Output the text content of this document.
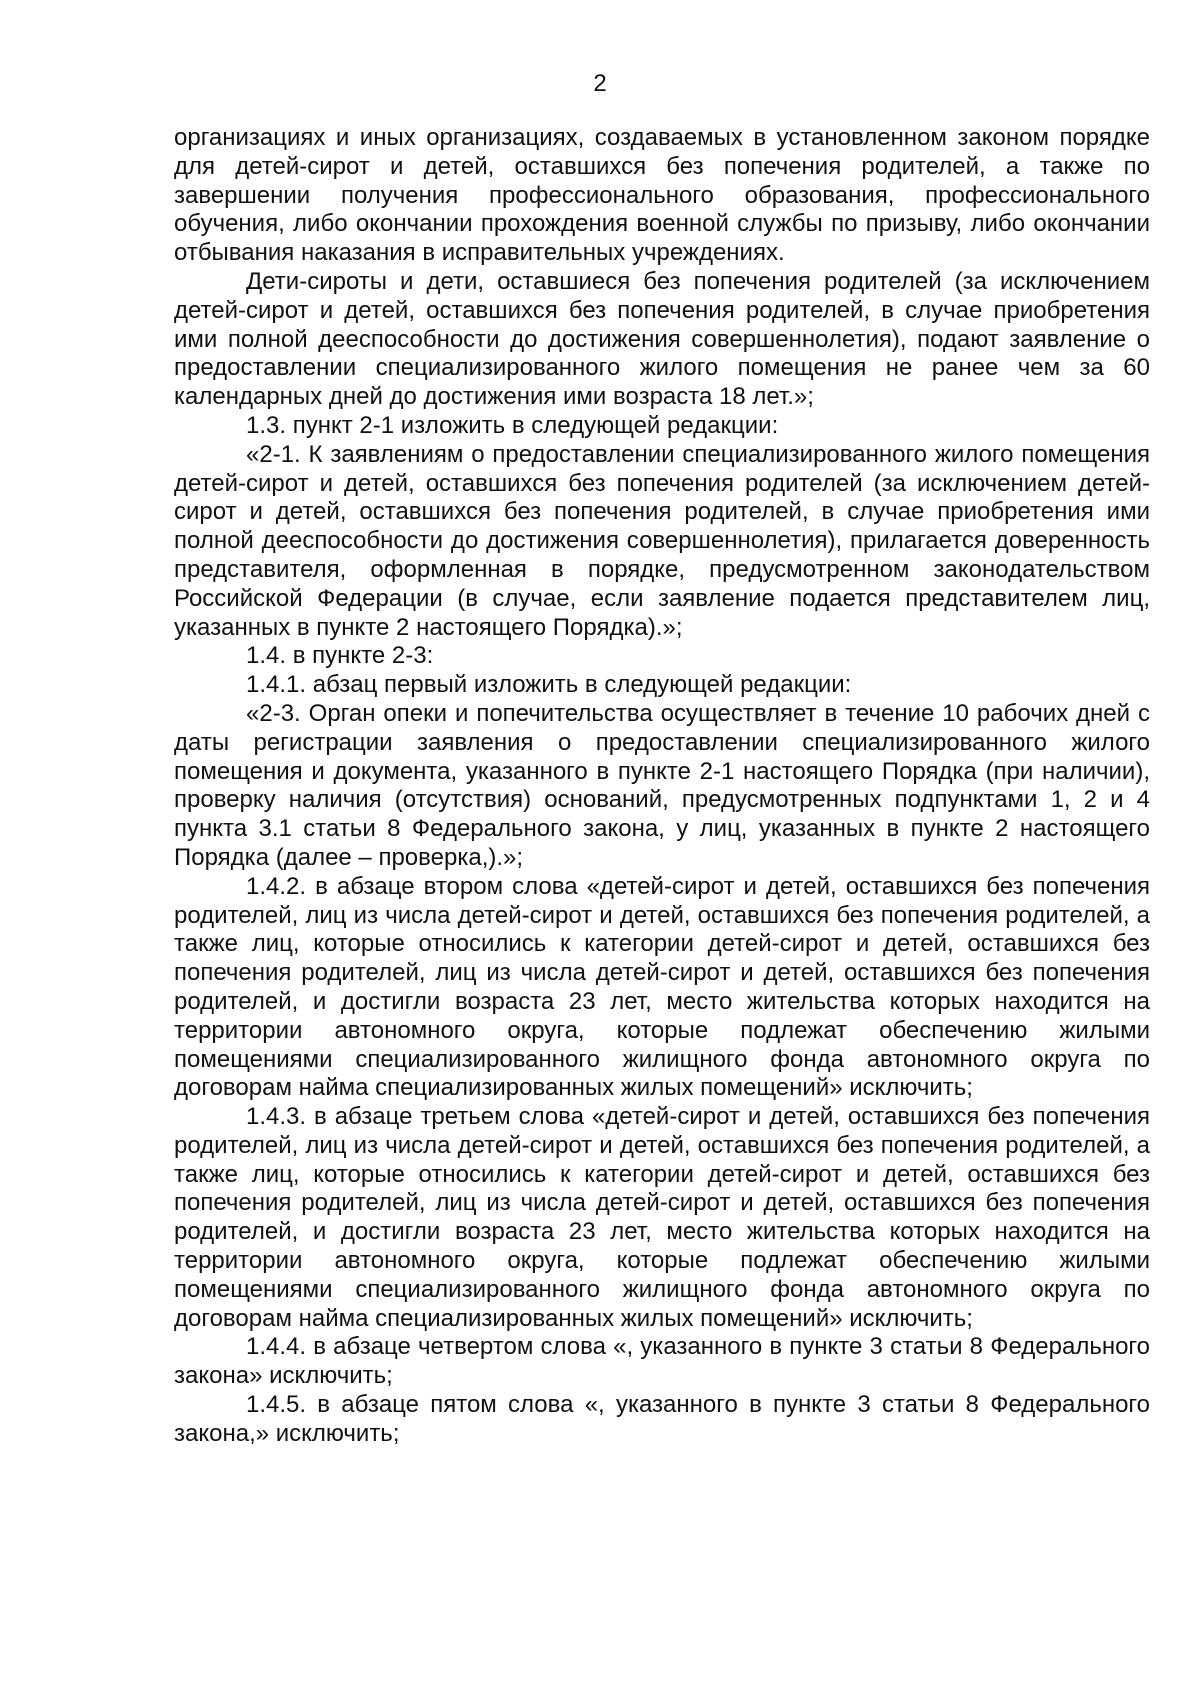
2

организациях и иных организациях, создаваемых в установленном законом порядке для детей-сирот и детей, оставшихся без попечения родителей, а также по завершении получения профессионального образования, профессионального обучения, либо окончании прохождения военной службы по призыву, либо окончании отбывания наказания в исправительных учреждениях.

Дети-сироты и дети, оставшиеся без попечения родителей (за исключением детей-сирот и детей, оставшихся без попечения родителей, в случае приобретения ими полной дееспособности до достижения совершеннолетия), подают заявление о предоставлении специализированного жилого помещения не ранее чем за 60 календарных дней до достижения ими возраста 18 лет.»;

1.3. пункт 2-1 изложить в следующей редакции:

«2-1. К заявлениям о предоставлении специализированного жилого помещения детей-сирот и детей, оставшихся без попечения родителей (за исключением детей-сирот и детей, оставшихся без попечения родителей, в случае приобретения ими полной дееспособности до достижения совершеннолетия), прилагается доверенность представителя, оформленная в порядке, предусмотренном законодательством Российской Федерации (в случае, если заявление подается представителем лиц, указанных в пункте 2 настоящего Порядка).»;

1.4. в пункте 2-3:

1.4.1. абзац первый изложить в следующей редакции:

«2-3. Орган опеки и попечительства осуществляет в течение 10 рабочих дней с даты регистрации заявления о предоставлении специализированного жилого помещения и документа, указанного в пункте 2-1 настоящего Порядка (при наличии), проверку наличия (отсутствия) оснований, предусмотренных подпунктами 1, 2 и 4 пункта 3.1 статьи 8 Федерального закона, у лиц, указанных в пункте 2 настоящего Порядка (далее – проверка,).»;

1.4.2. в абзаце втором слова «детей-сирот и детей, оставшихся без попечения родителей, лиц из числа детей-сирот и детей, оставшихся без попечения родителей, а также лиц, которые относились к категории детей-сирот и детей, оставшихся без попечения родителей, лиц из числа детей-сирот и детей, оставшихся без попечения родителей, и достигли возраста 23 лет, место жительства которых находится на территории автономного округа, которые подлежат обеспечению жилыми помещениями специализированного жилищного фонда автономного округа по договорам найма специализированных жилых помещений» исключить;

1.4.3. в абзаце третьем слова «детей-сирот и детей, оставшихся без попечения родителей, лиц из числа детей-сирот и детей, оставшихся без попечения родителей, а также лиц, которые относились к категории детей-сирот и детей, оставшихся без попечения родителей, лиц из числа детей-сирот и детей, оставшихся без попечения родителей, и достигли возраста 23 лет, место жительства которых находится на территории автономного округа, которые подлежат обеспечению жилыми помещениями специализированного жилищного фонда автономного округа по договорам найма специализированных жилых помещений» исключить;

1.4.4. в абзаце четвертом слова «, указанного в пункте 3 статьи 8 Федерального закона» исключить;

1.4.5. в абзаце пятом слова «, указанного в пункте 3 статьи 8 Федерального закона,» исключить;
